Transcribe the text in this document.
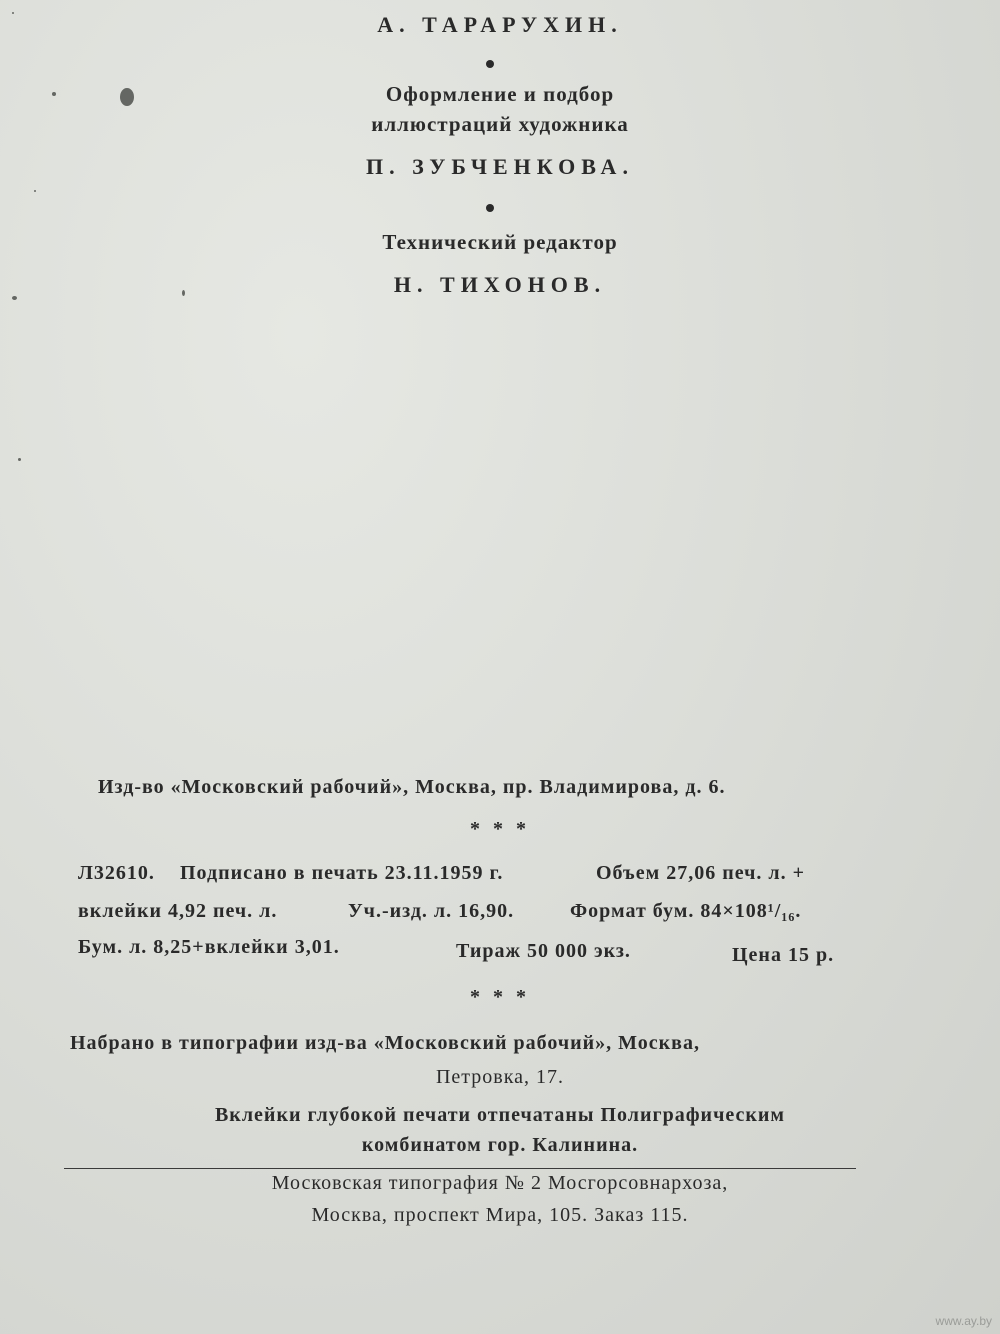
А. ТАРАРУХИН.
Оформление и подбор
иллюстраций художника
П. ЗУБЧЕНКОВА.
Технический редактор
Н. ТИХОНОВ.
Изд-во «Московский рабочий», Москва, пр. Владимирова, д. 6.
* * *
Л32610. Подписано в печать 23.11.1959 г.	Объем 27,06 печ. л. +
вклейки 4,92 печ. л.	Уч.-изд. л. 16,90.	Формат бум. 84×108¹/₁₆.
Бум. л. 8,25+вклейки 3,01.	Тираж 50 000 экз.	Цена 15 р.
* * *
Набрано в типографии изд-ва «Московский рабочий», Москва,
Петровка, 17.
Вклейки глубокой печати отпечатаны Полиграфическим
комбинатом гор. Калинина.
Московская типография № 2 Мосгорсовнархоза,
Москва, проспект Мира, 105. Заказ 115.
www.ay.by
